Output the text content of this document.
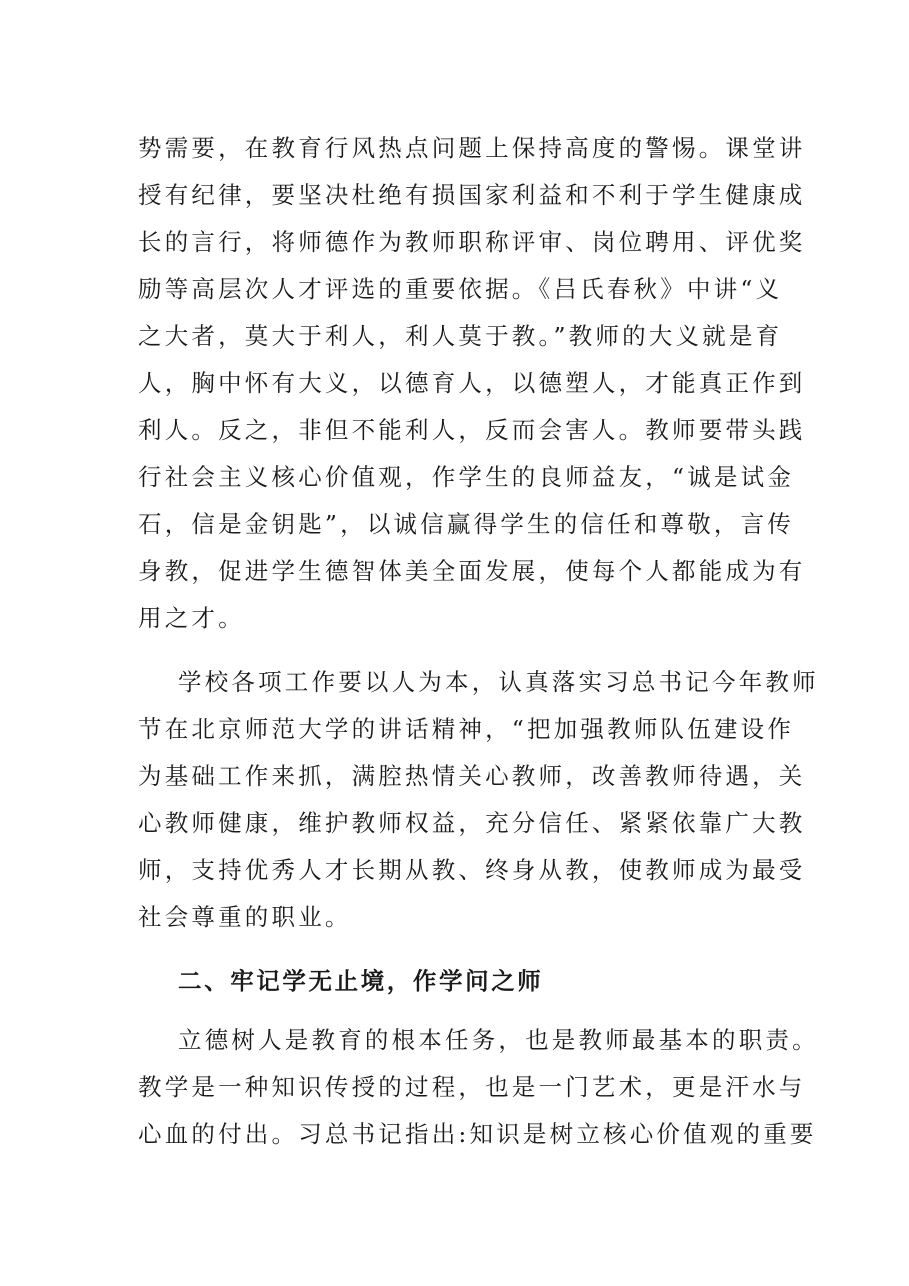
势需要，在教育行风热点问题上保持高度的警惕。课堂讲
授有纪律，要坚决杜绝有损国家利益和不利于学生健康成
长的言行，将师德作为教师职称评审、岗位聘用、评优奖
励等高层次人才评选的重要依据。《吕氏春秋》中讲“义
之大者，莫大于利人，利人莫于教。”教师的大义就是育
人，胸中怀有大义，以德育人，以德塑人，才能真正作到
利人。反之，非但不能利人，反而会害人。教师要带头践
行社会主义核心价值观，作学生的良师益友，“诚是试金
石，信是金钥匙”，以诚信赢得学生的信任和尊敬，言传
身教，促进学生德智体美全面发展，使每个人都能成为有
用之才。
学校各项工作要以人为本，认真落实习总书记今年教师
节在北京师范大学的讲话精神，“把加强教师队伍建设作
为基础工作来抓，满腔热情关心教师，改善教师待遇，关
心教师健康，维护教师权益，充分信任、紧紧依靠广大教
师，支持优秀人才长期从教、终身从教，使教师成为最受
社会尊重的职业。
二、牢记学无止境，作学问之师
立德树人是教育的根本任务，也是教师最基本的职责。
教学是一种知识传授的过程，也是一门艺术，更是汗水与
心血的付出。习总书记指出:知识是树立核心价值观的重要
